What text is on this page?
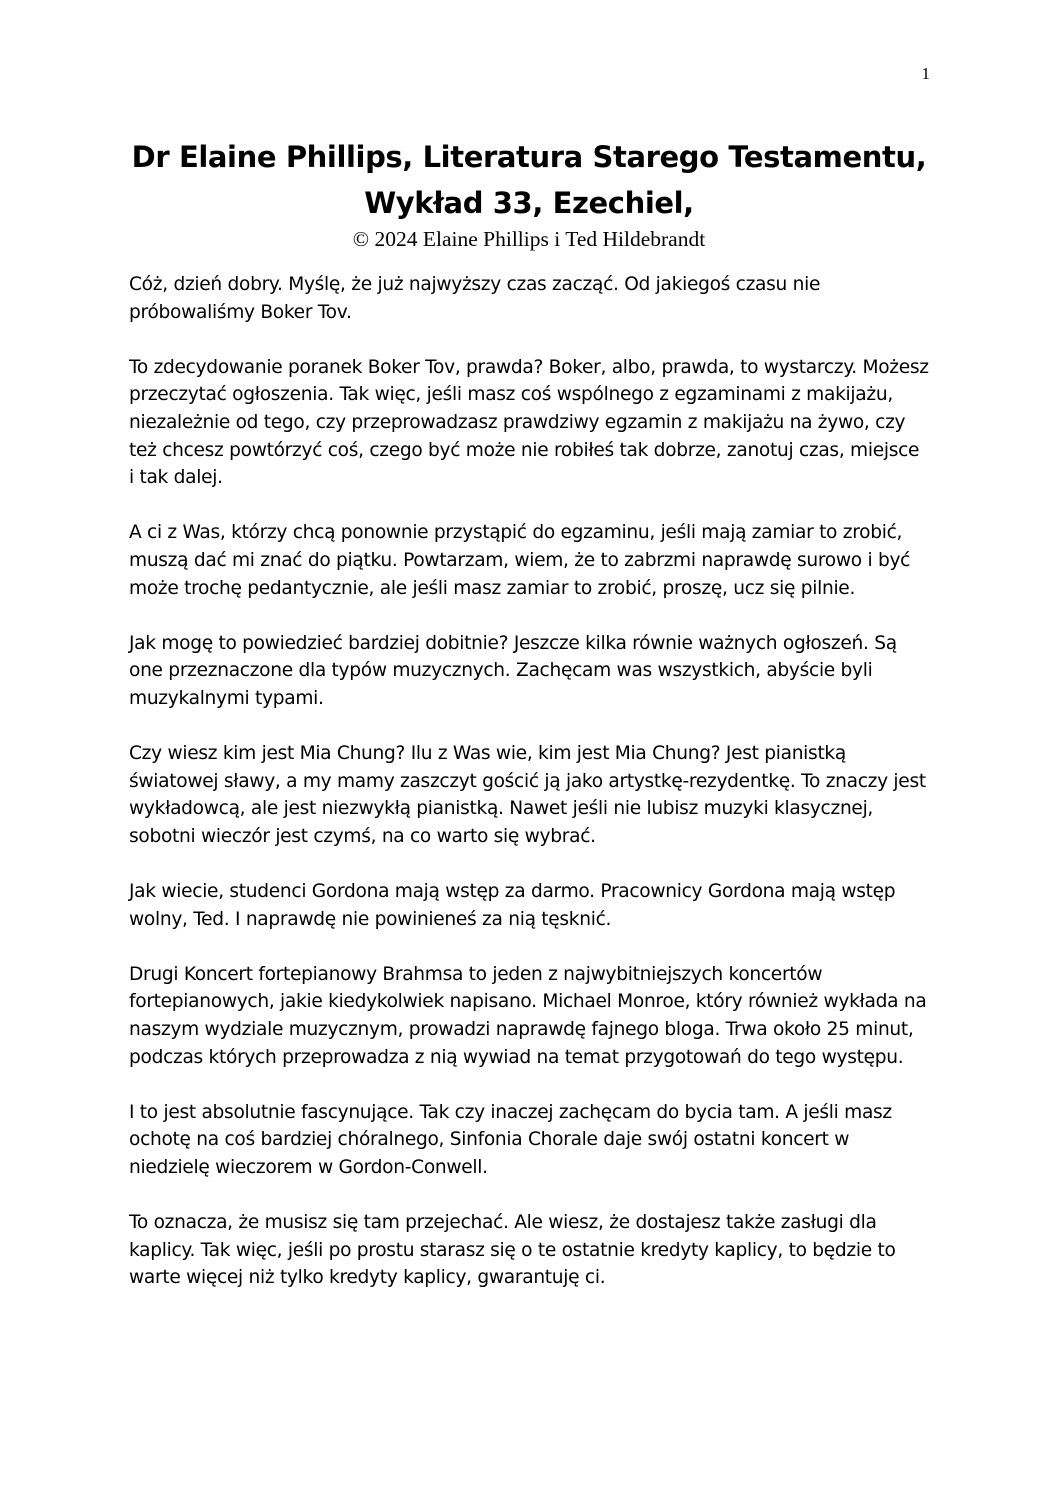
1
Dr Elaine Phillips, Literatura Starego Testamentu,
Wykład 33, Ezechiel,

© 2024 Elaine Phillips i Ted Hildebrandt

Cóż, dzień dobry. Myślę, że już najwyższy czas zacząć. Od jakiegoś czasu nie próbowaliśmy Boker Tov.

To zdecydowanie poranek Boker Tov, prawda? Boker, albo, prawda, to wystarczy. Możesz przeczytać ogłoszenia. Tak więc, jeśli masz coś wspólnego z egzaminami z makijażu, niezależnie od tego, czy przeprowadzasz prawdziwy egzamin z makijażu na żywo, czy też chcesz powtórzyć coś, czego być może nie robiłeś tak dobrze, zanotuj czas, miejsce i tak dalej.

A ci z Was, którzy chcą ponownie przystąpić do egzaminu, jeśli mają zamiar to zrobić, muszą dać mi znać do piątku. Powtarzam, wiem, że to zabrzmi naprawdę surowo i być może trochę pedantycznie, ale jeśli masz zamiar to zrobić, proszę, ucz się pilnie.

Jak mogę to powiedzieć bardziej dobitnie? Jeszcze kilka równie ważnych ogłoszeń. Są one przeznaczone dla typów muzycznych. Zachęcam was wszystkich, abyście byli muzykalnymi typami.

Czy wiesz kim jest Mia Chung? Ilu z Was wie, kim jest Mia Chung? Jest pianistką światowej sławy, a my mamy zaszczyt gościć ją jako artystkę-rezydentkę. To znaczy jest wykładowcą, ale jest niezwykłą pianistką. Nawet jeśli nie lubisz muzyki klasycznej, sobotni wieczór jest czymś, na co warto się wybrać.

Jak wiecie, studenci Gordona mają wstęp za darmo. Pracownicy Gordona mają wstęp wolny, Ted. I naprawdę nie powinieneś za nią tęsknić.

Drugi Koncert fortepianowy Brahmsa to jeden z najwybitniejszych koncertów fortepianowych, jakie kiedykolwiek napisano. Michael Monroe, który również wykłada na naszym wydziale muzycznym, prowadzi naprawdę fajnego bloga. Trwa około 25 minut, podczas których przeprowadza z nią wywiad na temat przygotowań do tego występu.

I to jest absolutnie fascynujące. Tak czy inaczej zachęcam do bycia tam. A jeśli masz ochotę na coś bardziej chóralnego, Sinfonia Chorale daje swój ostatni koncert w niedzielę wieczorem w Gordon-Conwell.

To oznacza, że musisz się tam przejechać. Ale wiesz, że dostajesz także zasługi dla kaplicy. Tak więc, jeśli po prostu starasz się o te ostatnie kredyty kaplicy, to będzie to warte więcej niż tylko kredyty kaplicy, gwarantuję ci.
